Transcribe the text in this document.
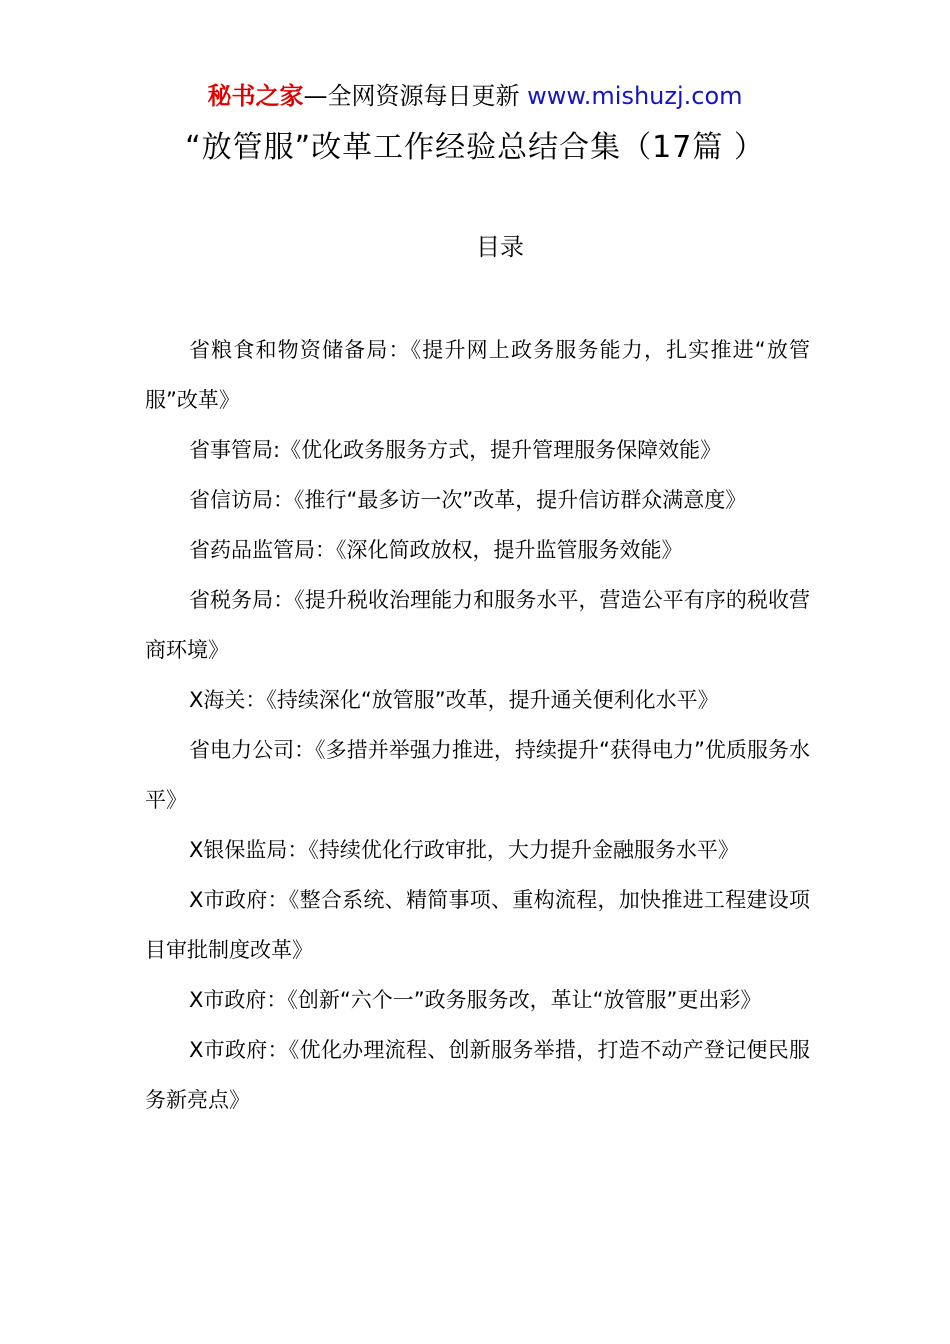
秘书之家—全网资源每日更新 www.mishuzj.com
“放管服”改革工作经验总结合集（17篇 ）
目录
省粮食和物资储备局：《提升网上政务服务能力，扎实推进“放管服”改革》
省事管局:《优化政务服务方式，提升管理服务保障效能》
省信访局：《推行“最多访一次”改革，提升信访群众满意度》
省药品监管局：《深化简政放权，提升监管服务效能》
省税务局：《提升税收治理能力和服务水平，营造公平有序的税收营商环境》
X海关：《持续深化“放管服”改革，提升通关便利化水平》
省电力公司：《多措并举强力推进，持续提升“获得电力”优质服务水平》
X银保监局：《持续优化行政审批，大力提升金融服务水平》
X市政府：《整合系统、精简事项、重构流程，加快推进工程建设项目审批制度改革》
X市政府：《创新“六个一”政务服务改，革让“放管服”更出彩》
X市政府：《优化办理流程、创新服务举措，打造不动产登记便民服务新亮点》
